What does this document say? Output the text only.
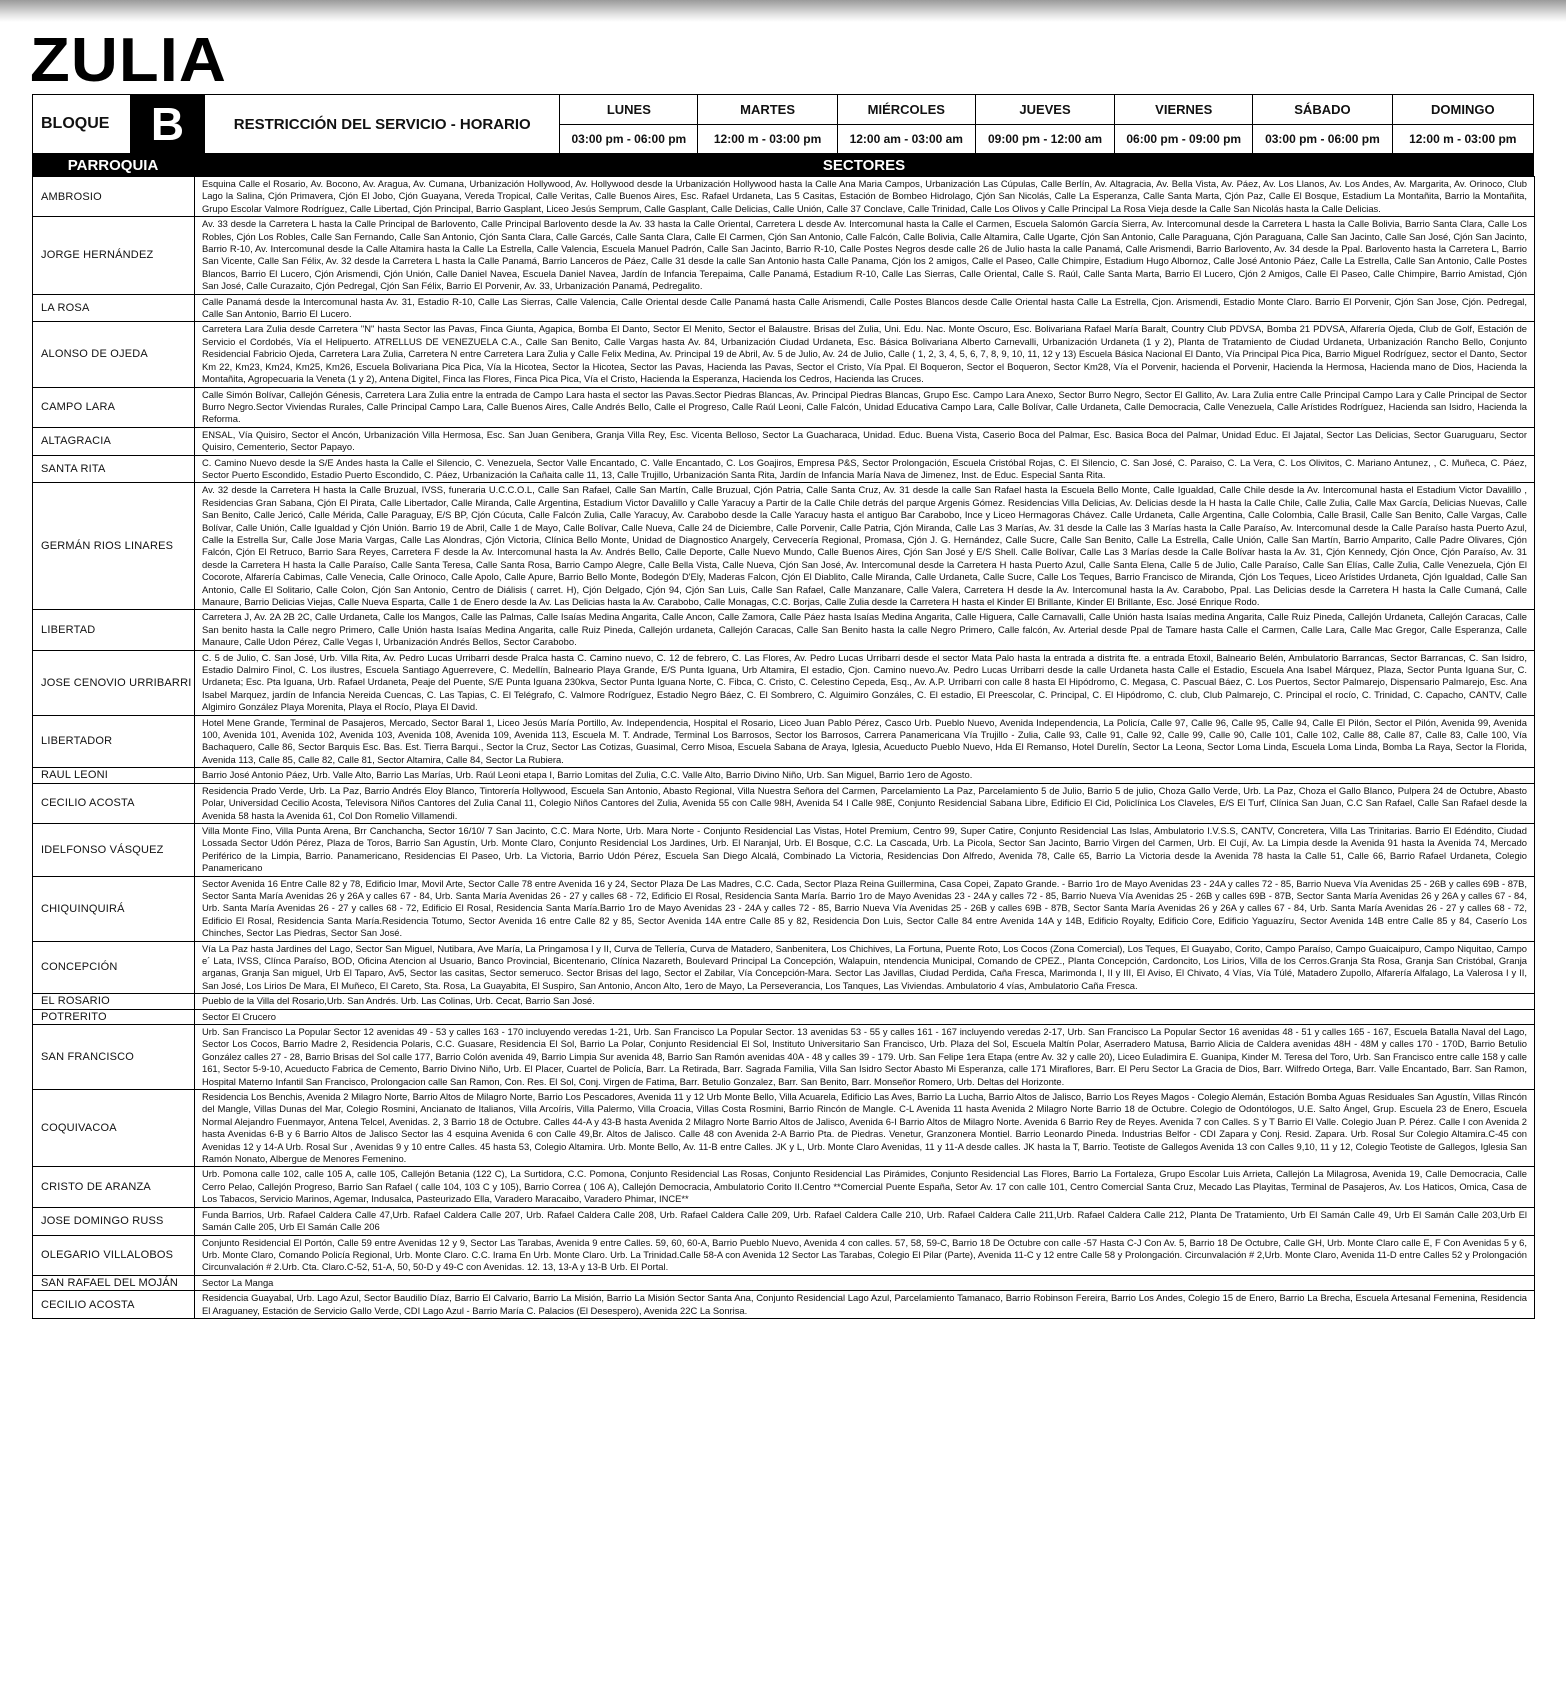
ZULIA
BLOQUE	B	RESTRICCIÓN DEL SERVICIO - HORARIO	LUNES	MARTES	MIÉRCOLES	JUEVES	VIERNES	SÁBADO	DOMINGO
			03:00 pm - 06:00 pm	12:00 m - 03:00 pm	12:00 am - 03:00 am	09:00 pm - 12:00 am	06:00 pm - 09:00 pm	03:00 pm - 06:00 pm	12:00 m - 03:00 pm
PARROQUIA	SECTORES
AMBROSIO	Esquina Calle el Rosario, Av. Bocono, Av. Aragua, Av. Cumana, Urbanización Hollywood, Av. Hollywood desde la Urbanización Hollywood hasta la Calle Ana Maria Campos, Urbanización Las Cúpulas, Calle Berlín, Av. Altagracia, Av. Bella Vista, Av. Páez, Av. Los Llanos, Av. Los Andes, Av. Margarita, Av. Orinoco, Club Lago la Salina, Cjón Primavera, Cjón El Jobo, Cjón Guayana, Vereda Tropical, Calle Veritas, Calle Buenos Aires, Esc. Rafael Urdaneta, Las 5 Casitas, Estación de Bombeo Hidrolago, Cjón San Nicolás, Calle La Esperanza, Calle Santa Marta, Cjón Paz, Calle El Bosque, Estadium La Montañita, Barrio la Montañita, Grupo Escolar Valmore Rodríguez, Calle Libertad, Cjón Principal, Barrio Gasplant, Liceo Jesús Semprum, Calle Gasplant, Calle Delicias, Calle Unión, Calle 37 Conclave, Calle Trinidad, Calle Los Olivos y Calle Principal La Rosa Vieja desde la Calle San Nicolás hasta la Calle Delicias.
JORGE HERNÁNDEZ	Av. 33 desde la Carretera L hasta la Calle Principal de Barlovento, Calle Principal Barlovento desde la Av. 33 hasta la Calle Oriental, Carretera L desde Av. Intercomunal hasta la Calle el Carmen, Escuela Salomón García Sierra, Av. Intercomunal desde la Carretera L hasta la Calle Bolivia, Barrio Santa Clara, Calle Los Robles, Cjón Los Robles, Calle San Fernando, Calle San Antonio, Cjón Santa Clara, Calle Garcés, Calle Santa Clara, Calle El Carmen, Cjón San Antonio, Calle Falcón, Calle Bolivia, Calle Altamira, Calle Ugarte, Cjón San Antonio, Calle Paraguana, Cjón Paraguana, Calle San Jacinto, Calle San José, Cjón San Jacinto, Barrio R-10, Av. Intercomunal desde la Calle Altamira hasta la Calle La Estrella, Calle Valencia, Escuela Manuel Padrón, Calle San Jacinto, Barrio R-10, Calle Postes Negros desde calle 26 de Julio hasta la calle Panamá, Calle Arismendi, Barrio Barlovento, Av. 34 desde la Ppal. Barlovento hasta la Carretera L, Barrio San Vicente, Calle San Félix, Av. 32 desde la Carretera L hasta la Calle Panamá, Barrio Lanceros de Páez, Calle 31 desde la calle San Antonio hasta Calle Panama, Cjón los 2 amigos, Calle el Paseo, Calle Chimpire, Estadium Hugo Albornoz, Calle José Antonio Páez, Calle La Estrella, Calle San Antonio, Calle Postes Blancos, Barrio El Lucero, Cjón Arismendi, Cjón Unión, Calle Daniel Navea, Escuela Daniel Navea, Jardín de Infancia Terepaima, Calle Panamá, Estadium R-10, Calle Las Sierras, Calle Oriental, Calle S. Raúl, Calle Santa Marta, Barrio El Lucero, Cjón 2 Amigos, Calle El Paseo, Calle Chimpire, Barrio Amistad, Cjón San José, Calle Curazaito, Cjón Pedregal, Cjón San Félix, Barrio El Porvenir, Av. 33, Urbanización Panamá, Pedregalito.
LA ROSA	Calle Panamá desde la Intercomunal hasta Av. 31, Estadio R-10, Calle Las Sierras, Calle Valencia, Calle Oriental desde Calle Panamá hasta Calle Arismendi, Calle Postes Blancos desde Calle Oriental hasta Calle La Estrella, Cjon. Arismendi, Estadio Monte Claro. Barrio El Porvenir, Cjón San Jose, Cjón. Pedregal, Calle San Antonio, Barrio El Lucero.
ALONSO DE OJEDA	Carretera Lara Zulia desde Carretera "N" hasta Sector las Pavas, Finca Giunta, Agapica, Bomba El Danto, Sector El Menito, Sector el Balaustre. Brisas del Zulia, Uni. Edu. Nac. Monte Oscuro, Esc. Bolivariana Rafael María Baralt, Country Club PDVSA, Bomba 21 PDVSA, Alfarería Ojeda, Club de Golf, Estación de Servicio el Cordobés, Vía el Helipuerto. ATRELLUS DE VENEZUELA C.A., Calle San Benito, Calle Vargas hasta Av. 84, Urbanización Ciudad Urdaneta, Esc. Básica Bolivariana Alberto Carnevalli, Urbanización Urdaneta (1 y 2), Planta de Tratamiento de Ciudad Urdaneta, Urbanización Rancho Bello, Conjunto Residencial Fabricio Ojeda, Carretera Lara Zulia, Carretera N entre Carretera Lara Zulia y Calle Felix Medina, Av. Principal 19 de Abril, Av. 5 de Julio, Av. 24 de Julio, Calle ( 1, 2, 3, 4, 5, 6, 7, 8, 9, 10, 11, 12 y 13) Escuela Básica Nacional El Danto, Vía Principal Pica Pica, Barrio Miguel Rodríguez, sector el Danto, Sector Km 22, Km23, Km24, Km25, Km26, Escuela Bolivariana Pica Pica, Vía la Hicotea, Sector la Hicotea, Sector las Pavas, Hacienda las Pavas, Sector el Cristo, Vía Ppal. El Boqueron, Sector el Boqueron, Sector Km28, Vía el Porvenir, hacienda el Porvenir, Hacienda la Hermosa, Hacienda mano de Dios, Hacienda la Montañita, Agropecuaria la Veneta (1 y 2), Antena Digitel, Finca las Flores, Finca Pica Pica, Vía el Cristo, Hacienda la Esperanza, Hacienda los Cedros, Hacienda las Cruces.
CAMPO LARA	Calle Simón Bolívar, Callejón Génesis, Carretera Lara Zulia entre la entrada de Campo Lara hasta el sector las Pavas.Sector Piedras Blancas, Av. Principal Piedras Blancas, Grupo Esc. Campo Lara Anexo, Sector Burro Negro, Sector El Gallito, Av. Lara Zulia entre Calle Principal Campo Lara y Calle Principal de Sector Burro Negro.Sector Viviendas Rurales, Calle Principal Campo Lara, Calle Buenos Aires, Calle Andrés Bello, Calle el Progreso, Calle Raúl Leoni, Calle Falcón, Unidad Educativa Campo Lara, Calle Bolívar, Calle Urdaneta, Calle Democracia, Calle Venezuela, Calle Arístides Rodríguez, Hacienda san Isidro, Hacienda la Reforma.
ALTAGRACIA	ENSAL, Vía Quisiro, Sector el Ancón, Urbanización Villa Hermosa, Esc. San Juan Genibera, Granja Villa Rey, Esc. Vicenta Belloso, Sector La Guacharaca, Unidad. Educ. Buena Vista, Caserio Boca del Palmar, Esc. Basica Boca del Palmar, Unidad Educ. El Jajatal, Sector Las Delicias, Sector Guaruguaru, Sector Quisiro, Cementerio, Sector Papayo.
SANTA RITA	C. Camino Nuevo desde la S/E Andes hasta la Calle el Silencio, C. Venezuela, Sector Valle Encantado, C. Valle Encantado, C. Los Goajiros, Empresa P&S, Sector Prolongación, Escuela Cristóbal Rojas, C. El Silencio, C. San José, C. Paraiso, C. La Vera, C. Los Olivitos, C. Mariano Antunez, , C. Muñeca, C. Páez, Sector Puerto Escondido, Estadio Puerto Escondido, C. Páez, Urbanización la Cañaita calle 11, 13, Calle Trujillo, Urbanización Santa Rita, Jardín de Infancia María Nava de Jimenez, Inst. de Educ. Especial Santa Rita.
GERMÁN RIOS LINARES	Av. 32 desde la Carretera H hasta la Calle Bruzual, IVSS, funeraria U.C.C.O.L, Calle San Rafael, Calle San Martín, Calle Bruzual, Cjón Patria, Calle Santa Cruz, Av. 31 desde la calle San Rafael hasta la Escuela Bello Monte, Calle Igualdad, Calle Chile desde la Av. Intercomunal hasta el Estadium Victor Davalillo , Residencias Gran Sabana, Cjón El Pirata, Calle Libertador, Calle Miranda, Calle Argentina, Estadium Victor Davalillo y Calle Yaracuy a Partir de la Calle Chile detrás del parque Argenis Gómez. Residencias Villa Delicias, Av. Delicias desde la H hasta la Calle Chile, Calle Zulia, Calle Max García, Delicias Nuevas, Calle San Benito, Calle Jericó, Calle Mérida, Calle Paraguay, E/S BP, Cjón Cúcuta, Calle Falcón Zulia, Calle Yaracuy, Av. Carabobo desde la Calle Yaracuy hasta el antiguo Bar Carabobo, Ince y Liceo Hermagoras Chávez. Calle Urdaneta, Calle Argentina, Calle Colombia, Calle Brasil, Calle San Benito, Calle Vargas, Calle Bolívar, Calle Unión, Calle Igualdad y Cjón Unión. Barrio 19 de Abril, Calle 1 de Mayo, Calle Bolívar, Calle Nueva, Calle 24 de Diciembre, Calle Porvenir, Calle Patria, Cjón Miranda, Calle Las 3 Marías, Av. 31 desde la Calle las 3 Marías hasta la Calle Paraíso, Av. Intercomunal desde la Calle Paraíso hasta Puerto Azul, Calle la Estrella Sur, Calle Jose Maria Vargas, Calle Las Alondras, Cjón Victoria, Clínica Bello Monte, Unidad de Diagnostico Anargely, Cervecería Regional, Promasa, Cjón J. G. Hernández, Calle Sucre, Calle San Benito, Calle La Estrella, Calle Unión, Calle San Martín, Barrio Amparito, Calle Padre Olivares, Cjón Falcón, Cjón El Retruco, Barrio Sara Reyes, Carretera F desde la Av. Intercomunal hasta la Av. Andrés Bello, Calle Deporte, Calle Nuevo Mundo, Calle Buenos Aires, Cjón San José y E/S Shell. Calle Bolívar, Calle Las 3 Marías desde la Calle Bolívar hasta la Av. 31, Cjón Kennedy, Cjón Once, Cjón Paraíso, Av. 31 desde la Carretera H hasta la Calle Paraíso, Calle Santa Teresa, Calle Santa Rosa, Barrio Campo Alegre, Calle Bella Vista, Calle Nueva, Cjón San José, Av. Intercomunal desde la Carretera H hasta Puerto Azul, Calle Santa Elena, Calle 5 de Julio, Calle Paraíso, Calle San Elías, Calle Zulia, Calle Venezuela, Cjón El Cocorote, Alfarería Cabimas, Calle Venecia, Calle Orinoco, Calle Apolo, Calle Apure, Barrio Bello Monte, Bodegón D'Ely, Maderas Falcon, Cjón El Diablito, Calle Miranda, Calle Urdaneta, Calle Sucre, Calle Los Teques, Barrio Francisco de Miranda, Cjón Los Teques, Liceo Arístides Urdaneta, Cjón Igualdad, Calle San Antonio, Calle El Solitario, Calle Colon, Cjón San Antonio, Centro de Diálisis ( carret. H), Cjón Delgado, Cjón 94, Cjón San Luis, Calle San Rafael, Calle Manzanare, Calle Valera, Carretera H desde la Av. Intercomunal hasta la Av. Carabobo, Ppal. Las Delicias desde la Carretera H hasta la Calle Cumaná, Calle Manaure, Barrio Delicias Viejas, Calle Nueva Esparta, Calle 1 de Enero desde la Av. Las Delicias hasta la Av. Carabobo, Calle Monagas, C.C. Borjas, Calle Zulia desde la Carretera H hasta el Kinder El Brillante, Kinder El Brillante, Esc. José Enrique Rodo.
LIBERTAD	Carretera J, Av. 2A 2B 2C, Calle Urdaneta, Calle los Mangos, Calle las Palmas, Calle Isaías Medina Angarita, Calle Ancon, Calle Zamora, Calle Páez hasta Isaías Medina Angarita, Calle Higuera, Calle Carnavalli, Calle Unión hasta Isaías medina Angarita, Calle Ruiz Pineda, Callejón Urdaneta, Callejón Caracas, Calle San benito hasta la Calle negro Primero, Calle Unión hasta Isaías Medina Angarita, calle Ruiz Pineda, Callejón urdaneta, Callejón Caracas, Calle San Benito hasta la calle Negro Primero, Calle falcón, Av. Arterial desde Ppal de Tamare hasta Calle el Carmen, Calle Lara, Calle Mac Gregor, Calle Esperanza, Calle Manaure, Calle Udon Pérez, Calle Vegas I, Urbanización Andrés Bellos, Sector Carabobo.
JOSE CENOVIO URRIBARRI	C. 5 de Julio, C. San José, Urb. Villa Rita, Av. Pedro Lucas Urribarri desde Pralca hasta C. Camino nuevo, C. 12 de febrero, C. Las Flores, Av. Pedro Lucas Urribarri desde el sector Mata Palo hasta la entrada a distrita fte. a entrada Etoxil, Balneario Belén, Ambulatorio Barrancas, Sector Barrancas, C. San Isidro, Estadio Dalmiro Finol, C. Los ilustres, Escuela Santiago Aguerrevere, C. Medellín, Balneario Playa Grande, E/S Punta Iguana, Urb Altamira, El estadio, Cjon. Camino nuevo.Av. Pedro Lucas Urribarri desde la calle Urdaneta hasta Calle el Estadio, Escuela Ana Isabel Márquez, Plaza, Sector Punta Iguana Sur, C. Urdaneta; Esc. Pta Iguana, Urb. Rafael Urdaneta, Peaje del Puente, S/E Punta Iguana 230kva, Sector Punta Iguana Norte, C. Fibca, C. Cristo, C. Celestino Cepeda, Esq., Av. A.P. Urribarri con calle 8 hasta El Hipódromo, C. Megasa, C. Pascual Báez, C. Los Puertos, Sector Palmarejo, Dispensario Palmarejo, Esc. Ana Isabel Marquez, jardín de Infancia Nereida Cuencas, C. Las Tapias, C. El Telégrafo, C. Valmore Rodríguez, Estadio Negro Báez, C. El Sombrero, C. Alguimiro Gonzáles, C. El estadio, El Preescolar, C. Principal, C. El Hipódromo, C. club, Club Palmarejo, C. Principal el rocío, C. Trinidad, C. Capacho, CANTV, Calle Algimiro González Playa Morenita, Playa el Rocío, Playa El David.
LIBERTADOR	Hotel Mene Grande, Terminal de Pasajeros, Mercado, Sector Baral 1, Liceo Jesús María Portillo, Av. Independencia, Hospital el Rosario, Liceo Juan Pablo Pérez, Casco Urb. Pueblo Nuevo, Avenida Independencia, La Policía, Calle 97, Calle 96, Calle 95, Calle 94, Calle El Pilón, Sector el Pilón, Avenida 99, Avenida 100, Avenida 101, Avenida 102, Avenida 103, Avenida 108, Avenida 109, Avenida 113, Escuela M. T. Andrade, Terminal Los Barrosos, Sector los Barrosos, Carrera Panamericana Vía Trujillo - Zulia, Calle 93, Calle 91, Calle 92, Calle 99, Calle 90, Calle 101, Calle 102, Calle 88, Calle 87, Calle 83, Calle 100, Vía Bachaquero, Calle 86, Sector Barquis Esc. Bas. Est. Tierra Barqui., Sector la Cruz, Sector Las Cotizas, Guasimal, Cerro Misoa, Escuela Sabana de Araya, Iglesia, Acueducto Pueblo Nuevo, Hda El Remanso, Hotel Durelín, Sector La Leona, Sector Loma Linda, Escuela Loma Linda, Bomba La Raya, Sector la Florida, Avenida 113, Calle 85, Calle 82, Calle 81, Sector Altamira, Calle 84, Sector La Rubiera.
RAUL LEONI	Barrio José Antonio Páez, Urb. Valle Alto, Barrio Las Marías, Urb. Raúl Leoni etapa I, Barrio Lomitas del Zulia, C.C. Valle Alto, Barrio Divino Niño, Urb. San Miguel, Barrio 1ero de Agosto.
CECILIO ACOSTA	Residencia Prado Verde, Urb. La Paz, Barrio Andrés Eloy Blanco, Tintorería Hollywood, Escuela San Antonio, Abasto Regional, Villa Nuestra Señora del Carmen, Parcelamiento La Paz, Parcelamiento 5 de Julio, Barrio 5 de julio, Choza Gallo Verde, Urb. La Paz, Choza el Gallo Blanco, Pulpera 24 de Octubre, Abasto Polar, Universidad Cecilio Acosta, Televisora Niños Cantores del Zulia Canal 11, Colegio Niños Cantores del Zulia, Avenida 55 con Calle 98H, Avenida 54 I Calle 98E, Conjunto Residencial Sabana Libre, Edificio El Cid, Policlínica Los Claveles, E/S El Turf, Clínica San Juan, C.C San Rafael, Calle San Rafael desde la Avenida 58 hasta la Avenida 61, Col Don Romelio Villamendi.
IDELFONSO VÁSQUEZ	Villa Monte Fino, Villa Punta Arena, Brr Canchancha, Sector 16/10/ 7 San Jacinto, C.C. Mara Norte, Urb. Mara Norte - Conjunto Residencial Las Vistas, Hotel Premium, Centro 99, Super Catire, Conjunto Residencial Las Islas, Ambulatorio I.V.S.S, CANTV, Concretera, Villa Las Trinitarias. Barrio El Edéndito, Ciudad Lossada Sector Udón Pérez, Plaza de Toros, Barrio San Agustín, Urb. Monte Claro, Conjunto Residencial Los Jardines, Urb. El Naranjal, Urb. El Bosque, C.C. La Cascada, Urb. La Picola, Sector San Jacinto, Barrio Virgen del Carmen, Urb. El Cují, Av. La Limpia desde la Avenida 91 hasta la Avenida 74, Mercado Periférico de la Limpia, Barrio. Panamericano, Residencias El Paseo, Urb. La Victoria, Barrio Udón Pérez, Escuela San Diego Alcalá, Combinado La Victoria, Residencias Don Alfredo, Avenida 78, Calle 65, Barrio La Victoria desde la Avenida 78 hasta la Calle 51, Calle 66, Barrio Rafael Urdaneta, Colegio Panamericano
CHIQUINQUIRÁ	Sector Avenida 16 Entre Calle 82 y 78, Edificio Imar, Movil Arte, Sector Calle 78 entre Avenida 16 y 24, Sector Plaza De Las Madres, C.C. Cada, Sector Plaza Reina Guillermina, Casa Copei, Zapato Grande. - Barrio 1ro de Mayo Avenidas 23 - 24A y calles 72 - 85, Barrio Nueva Vía Avenidas 25 - 26B y calles 69B - 87B, Sector Santa María Avenidas 26 y 26A y calles 67 - 84, Urb. Santa María Avenidas 26 - 27 y calles 68 - 72, Edificio El Rosal, Residencia Santa María. Barrio 1ro de Mayo Avenidas 23 - 24A y calles 72 - 85, Barrio Nueva Vía Avenidas 25 - 26B y calles 69B - 87B, Sector Santa María Avenidas 26 y 26A y calles 67 - 84, Urb. Santa María Avenidas 26 - 27 y calles 68 - 72, Edificio El Rosal, Residencia Santa María.Barrio 1ro de Mayo Avenidas 23 - 24A y calles 72 - 85, Barrio Nueva Vía Avenidas 25 - 26B y calles 69B - 87B, Sector Santa María Avenidas 26 y 26A y calles 67 - 84, Urb. Santa María Avenidas 26 - 27 y calles 68 - 72, Edificio El Rosal, Residencia Santa María.Residencia Totumo, Sector Avenida 16 entre Calle 82 y 85, Sector Avenida 14A entre Calle 85 y 82, Residencia Don Luis, Sector Calle 84 entre Avenida 14A y 14B, Edificio Royalty, Edificio Core, Edificio Yaguazíru, Sector Avenida 14B entre Calle 85 y 84, Caserío Los Chinches, Sector Las Piedras, Sector San José.
CONCEPCIÓN	Vía La Paz hasta Jardines del Lago, Sector San Miguel, Nutibara, Ave María, La Pringamosa I y II, Curva de Tellería, Curva de Matadero, Sanbenitera, Los Chichives, La Fortuna, Puente Roto, Los Cocos (Zona Comercial), Los Teques, El Guayabo, Corito, Campo Paraíso, Campo Guaicaipuro, Campo Niquitao, Campo e´ Lata, IVSS, Clínca Paraíso, BOD, Oficina Atencion al Usuario, Banco Provincial, Bicentenario, Clínica Nazareth, Boulevard Principal La Concepción, Walapuin, ntendencia Municipal, Comando de CPEZ., Planta Concepción, Cardoncito, Los Lirios, Villa de los Cerros.Granja Sta Rosa, Granja San Cristóbal, Granja arganas, Granja San miguel, Urb El Taparo, Av5, Sector las casitas, Sector semeruco. Sector Brisas del lago, Sector el Zabilar, Vía Concepción-Mara. Sector Las Javillas, Ciudad Perdida, Caña Fresca, Marimonda I, II y III, El Aviso, El Chivato, 4 Vías, Vía Túlé, Matadero Zupollo, Alfarería Alfalago, La Valerosa I y II, San José, Los Lirios De Mara, El Muñeco, El Careto, Sta. Rosa, La Guayabita, El Suspiro, San Antonio, Ancon Alto, 1ero de Mayo, La Perseverancia, Los Tanques, Las Viviendas. Ambulatorio 4 vías, Ambulatorio Caña Fresca.
EL ROSARIO	Pueblo de la Villa del Rosario,Urb. San Andrés. Urb. Las Colinas, Urb. Cecat, Barrio San José.
POTRERITO	Sector El Crucero
SAN FRANCISCO	Urb. San Francisco La Popular Sector 12 avenidas 49 - 53 y calles 163 - 170 incluyendo veredas 1-21, Urb. San Francisco La Popular Sector. 13 avenidas 53 - 55 y calles 161 - 167 incluyendo veredas 2-17, Urb. San Francisco La Popular Sector 16 avenidas 48 - 51 y calles 165 - 167, Escuela Batalla Naval del Lago, Sector Los Cocos, Barrio Madre 2, Residencia Polaris, C.C. Guasare, Residencia El Sol, Barrio La Polar, Conjunto Residencial El Sol, Instituto Universitario San Francisco, Urb. Plaza del Sol, Escuela Maltín Polar, Aserradero Matusa, Barrio Alicia de Caldera avenidas 48H - 48M y calles 170 - 170D, Barrio Betulio González calles 27 - 28, Barrio Brisas del Sol calle 177, Barrio Colón avenida 49, Barrio Limpia Sur avenida 48, Barrio San Ramón avenidas 40A - 48 y calles 39 - 179. Urb. San Felipe 1era Etapa (entre Av. 32 y calle 20), Liceo Euladimira E. Guanipa, Kinder M. Teresa del Toro, Urb. San Francisco entre calle 158 y calle 161, Sector 5-9-10, Acueducto Fabrica de Cemento, Barrio Divino Niño, Urb. El Placer, Cuartel de Policía, Barr. La Retirada, Barr. Sagrada Familia, Villa San Isidro Sector Abasto Mi Esperanza, calle 171 Miraflores, Barr. El Peru Sector La Gracia de Dios, Barr. Wilfredo Ortega, Barr. Valle Encantado, Barr. San Ramon, Hospital Materno Infantil San Francisco, Prolongacion calle San Ramon, Con. Res. El Sol, Conj. Virgen de Fatima, Barr. Betulio Gonzalez, Barr. San Benito, Barr. Monseñor Romero, Urb. Deltas del Horizonte.
COQUIVACOA	Residencia Los Benchis, Avenida 2 Milagro Norte, Barrio Altos de Milagro Norte, Barrio Los Pescadores, Avenida 11 y 12 Urb Monte Bello, Villa Acuarela, Edificio Las Aves, Barrio La Lucha, Barrio Altos de Jalisco, Barrio Los Reyes Magos - Colegio Alemán, Estación Bomba Aguas Residuales San Agustín, Villas Rincón del Mangle, Villas Dunas del Mar, Colegio Rosmini, Ancianato de Italianos, Villa Arcoíris, Villa Palermo, Villa Croacia, Villas Costa Rosmini, Barrio Rincón de Mangle. C-L Avenida 11 hasta Avenida 2 Milagro Norte Barrio 18 de Octubre. Colegio de Odontólogos, U.E. Salto Ángel, Grup. Escuela 23 de Enero, Escuela Normal Alejandro Fuenmayor, Antena Telcel, Avenidas. 2, 3 Barrio 18 de Octubre. Calles 44-A y 43-B hasta Avenida 2 Milagro Norte Barrio Altos de Jalisco, Avenida 6-I Barrio Altos de Milagro Norte. Avenida 6 Barrio Rey de Reyes. Avenida 7 con Calles. S y T Barrio El Valle. Colegio Juan P. Pérez. Calle I con Avenida 2 hasta Avenidas 6-B y 6 Barrio Altos de Jalisco Sector las 4 esquina Avenida 6 con Calle 49,Br. Altos de Jalisco. Calle 48 con Avenida 2-A Barrio Pta. de Piedras. Venetur, Granzonera Montiel. Barrio Leonardo Pineda. Industrias Belfor - CDI Zapara y Conj. Resid. Zapara. Urb. Rosal Sur Colegio Altamira.C-45 con Avenidas 12 y 14-A Urb. Rosal Sur , Avenidas 9 y 10 entre Calles. 45 hasta 53, Colegio Altamira. Urb. Monte Bello, Av. 11-B entre Calles. JK y L, Urb. Monte Claro Avenidas, 11 y 11-A desde calles. JK hasta la T, Barrio. Teotiste de Gallegos Avenida 13 con Calles 9,10, 11 y 12, Colegio Teotiste de Gallegos, Iglesia San Ramón Nonato, Albergue de Menores Femenino.
CRISTO DE ARANZA	Urb. Pomona calle 102, calle 105 A, calle 105, Callejón Betania (122 C), La Surtidora, C.C. Pomona, Conjunto Residencial Las Rosas, Conjunto Residencial Las Pirámides, Conjunto Residencial Las Flores, Barrio La Fortaleza, Grupo Escolar Luis Arrieta, Callejón La Milagrosa, Avenida 19, Calle Democracia, Calle Cerro Pelao, Callejón Progreso, Barrio San Rafael ( calle 104, 103 C y 105), Barrio Correa ( 106 A), Callejón Democracia, Ambulatorio Corito II.Centro **Comercial Puente España, Setor Av. 17 con calle 101, Centro Comercial Santa Cruz, Mecado Las Playitas, Terminal de Pasajeros, Av. Los Haticos, Omica, Casa de Los Tabacos, Servicio Marinos, Agemar, Indusalca, Pasteurizado Ella, Varadero Maracaibo, Varadero Phimar, INCE**
JOSE DOMINGO RUSS	Funda Barrios, Urb. Rafael Caldera Calle 47,Urb. Rafael Caldera Calle 207, Urb. Rafael Caldera Calle 208, Urb. Rafael Caldera Calle 209, Urb. Rafael Caldera Calle 210, Urb. Rafael Caldera Calle 211,Urb. Rafael Caldera Calle 212, Planta De Tratamiento, Urb El Samán Calle 49, Urb El Samán Calle 203,Urb El Samán Calle 205, Urb El Samán Calle 206
OLEGARIO VILLALOBOS	Conjunto Residencial El Portón, Calle 59 entre Avenidas 12 y 9, Sector Las Tarabas, Avenida 9 entre Calles. 59, 60, 60-A, Barrio Pueblo Nuevo, Avenida 4 con calles. 57, 58, 59-C, Barrio 18 De Octubre con calle -57 Hasta C-J Con Av. 5, Barrio 18 De Octubre, Calle GH, Urb. Monte Claro calle E, F Con Avenidas 5 y 6, Urb. Monte Claro, Comando Policía Regional, Urb. Monte Claro. C.C. Irama En Urb. Monte Claro. Urb. La Trinidad.Calle 58-A con Avenida 12 Sector Las Tarabas, Colegio El Pilar (Parte), Avenida 11-C y 12 entre Calle 58 y Prolongación. Circunvalación # 2,Urb. Monte Claro, Avenida 11-D entre Calles 52 y Prolongación Circunvalación # 2.Urb. Cta. Claro.C-52, 51-A, 50, 50-D y 49-C con Avenidas. 12. 13, 13-A y 13-B Urb. El Portal.
SAN RAFAEL DEL MOJÁN	Sector La Manga
CECILIO ACOSTA	Residencia Guayabal, Urb. Lago Azul, Sector Baudilio Díaz, Barrio El Calvario, Barrio La Misión, Barrio La Misión Sector Santa Ana, Conjunto Residencial Lago Azul, Parcelamiento Tamanaco, Barrio Robinson Fereira, Barrio Los Andes, Colegio 15 de Enero, Barrio La Brecha, Escuela Artesanal Femenina, Residencia El Araguaney, Estación de Servicio Gallo Verde, CDI Lago Azul - Barrio María C. Palacios (El Desespero), Avenida 22C La Sonrisa.
